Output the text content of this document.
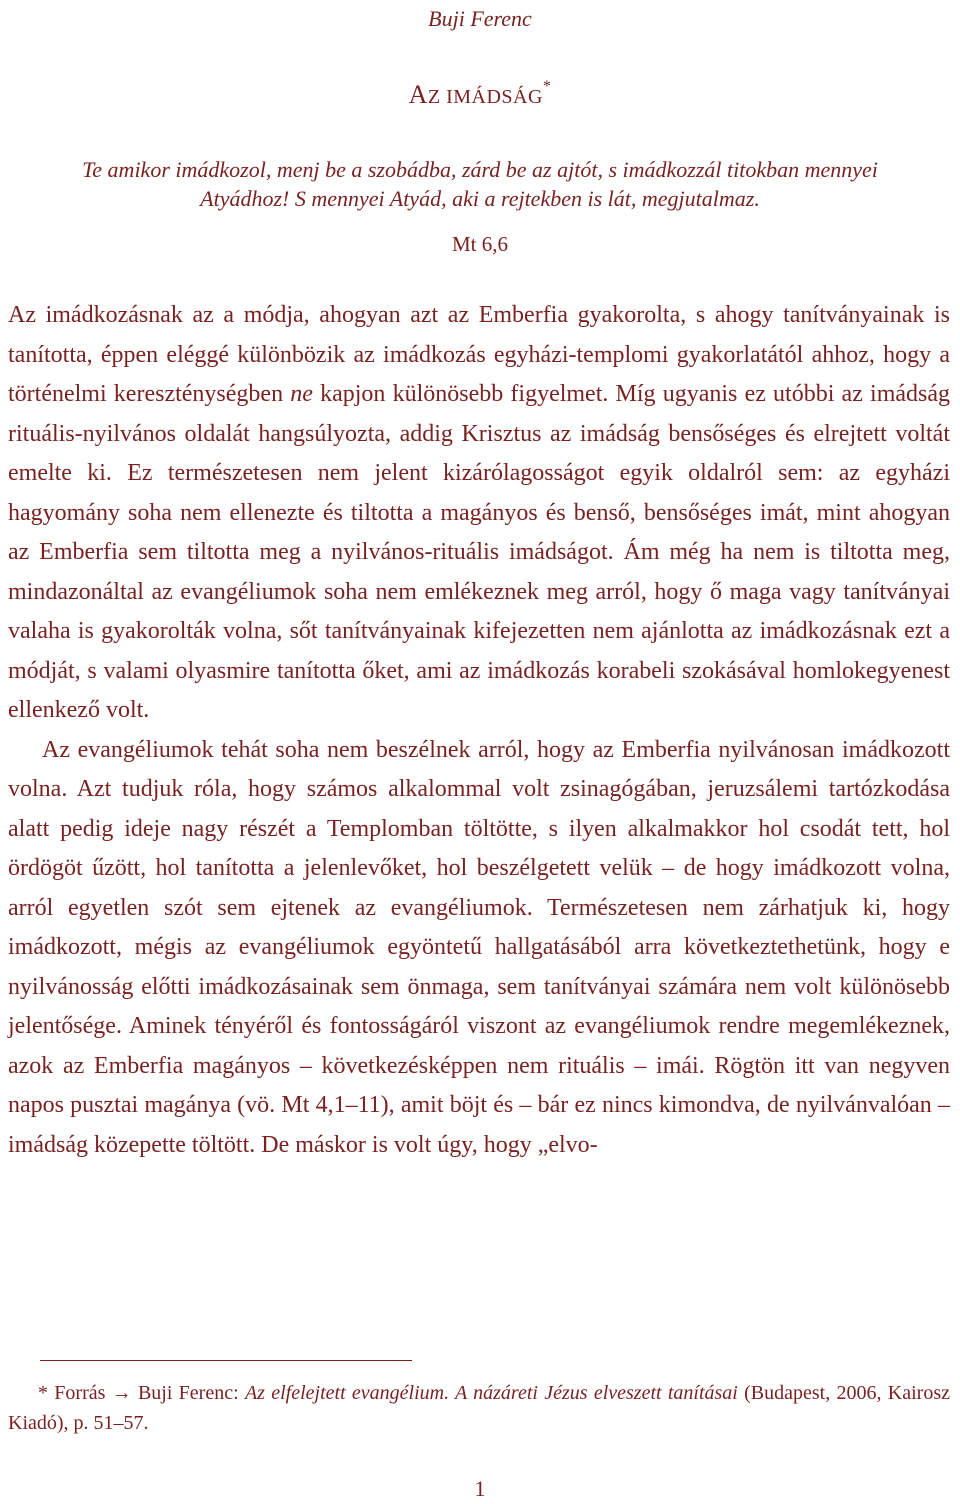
Buji Ferenc
AZ IMÁDSÁG*
Te amikor imádkozol, menj be a szobádba, zárd be az ajtót, s imádkozzál titokban mennyei Atyádhoz! S mennyei Atyád, aki a rejtekben is lát, megjutalmaz.
Mt 6,6

Az imádkozásnak az a módja, ahogyan azt az Emberfia gyakorolta, s ahogy tanítványainak is tanította, éppen eléggé különbözik az imádkozás egyházi-templomi gyakorlatától ahhoz, hogy a történelmi kereszténységben ne kapjon különösebb figyelmet. Míg ugyanis ez utóbbi az imádság rituális-nyilvános oldalát hangsúlyozta, addig Krisztus az imádság bensőséges és elrejtett voltát emelte ki. Ez természetesen nem jelent kizárólagosságot egyik oldalról sem: az egyházi hagyomány soha nem ellenezte és tiltotta a magányos és benső, bensőséges imát, mint ahogyan az Emberfia sem tiltotta meg a nyilvános-rituális imádságot. Ám még ha nem is tiltotta meg, mindazonáltal az evangéliumok soha nem emlékeznek meg arról, hogy ő maga vagy tanítványai valaha is gyakorolták volna, sőt tanítványainak kifejezetten nem ajánlotta az imádkozásnak ezt a módját, s valami olyasmire tanította őket, ami az imádkozás korabeli szokásával homlokegyenest ellenkező volt.

Az evangéliumok tehát soha nem beszélnek arról, hogy az Emberfia nyilvánosan imádkozott volna. Azt tudjuk róla, hogy számos alkalommal volt zsinagógában, jeruzsálemi tartózkodása alatt pedig ideje nagy részét a Templomban töltötte, s ilyen alkalmakkor hol csodát tett, hol ördögöt űzött, hol tanította a jelenlevőket, hol beszélgetett velük – de hogy imádkozott volna, arról egyetlen szót sem ejtenek az evangéliumok. Természetesen nem zárhatjuk ki, hogy imádkozott, mégis az evangéliumok egyöntetű hallgatásából arra következtethetünk, hogy e nyilvánosság előtti imádkozásainak sem önmaga, sem tanítványai számára nem volt különösebb jelentősége. Aminek tényéről és fontosságáról viszont az evangéliumok rendre megemlékeznek, azok az Emberfia magányos – következésképpen nem rituális – imái. Rögtön itt van negyven napos pusztai magánya (vö. Mt 4,1–11), amit böjt és – bár ez nincs kimondva, de nyilvánvalóan – imádság közepette töltött. De máskor is volt úgy, hogy „elvo-

* Forrás → Buji Ferenc: Az elfelejtett evangélium. A názáreti Jézus elveszett tanításai (Budapest, 2006, Kairosz Kiadó), p. 51–57.
1
